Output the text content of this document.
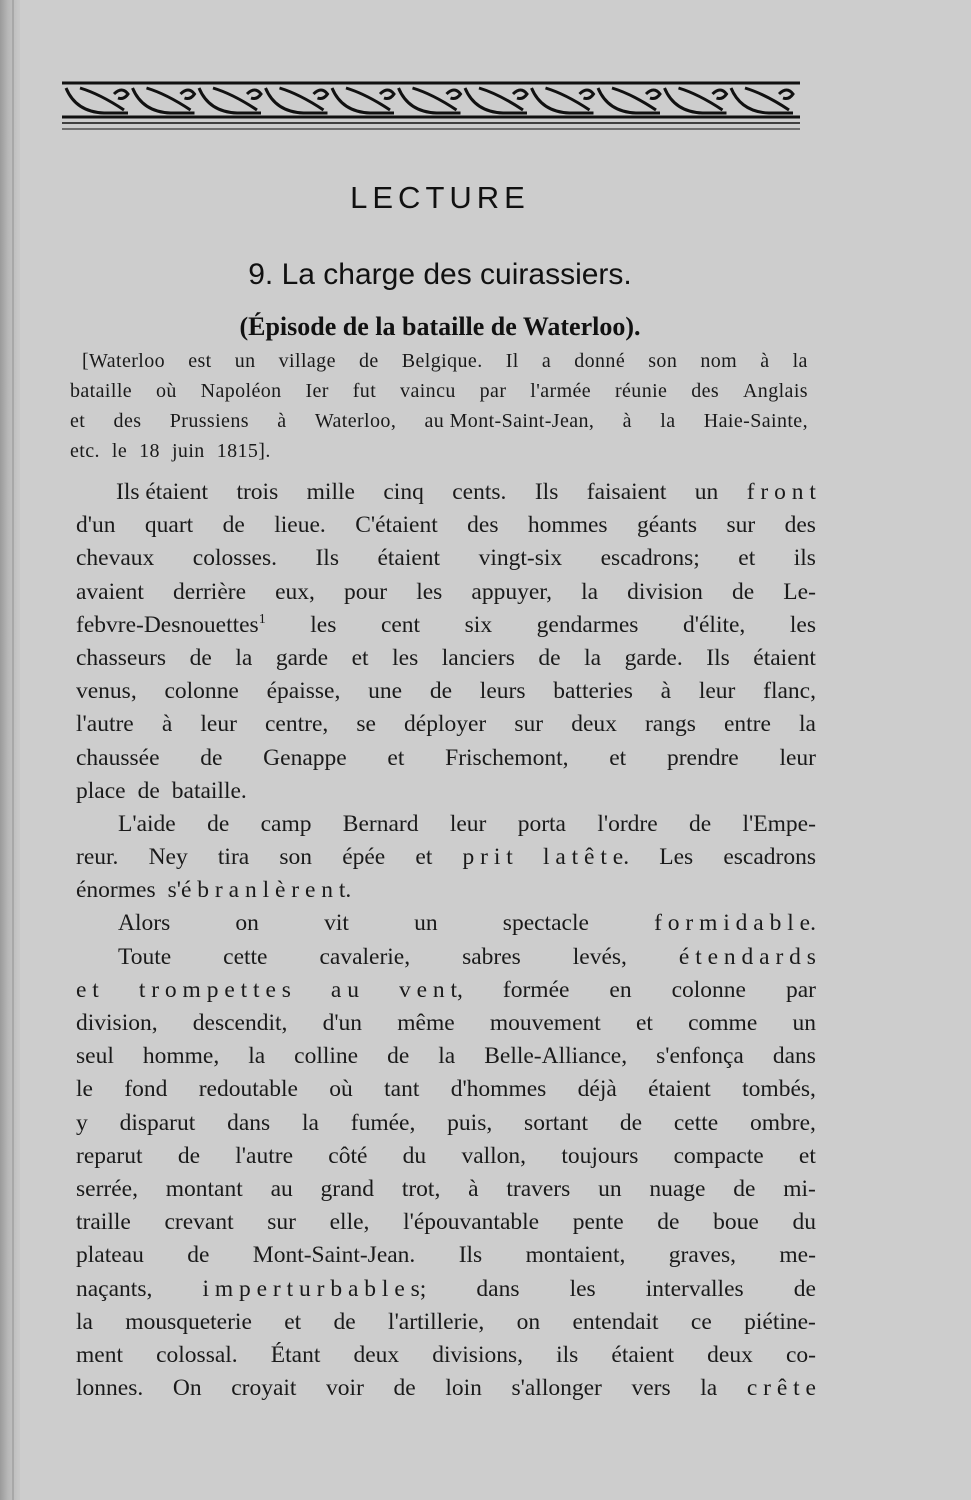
LECTURE
9. La charge des cuirassiers.
(Épisode de la bataille de Waterloo).
[Waterloo est un village de Belgique. Il a donné son nom à la
bataille où Napoléon Ier fut vaincu par l'armée réunie des Anglais
et des Prussiens à Waterloo, au Mont-Saint-Jean, à la Haie-Sainte,
etc. le 18 juin 1815].
Ils étaient trois mille cinq cents. Ils faisaient un f r o n t
d'un quart de lieue. C'étaient des hommes géants sur des
chevaux colosses. Ils étaient vingt-six escadrons; et ils
avaient derrière eux, pour les appuyer, la division de Le-
febvre-Desnouettes$^1$ les cent six gendarmes d'élite, les
chasseurs de la garde et les lanciers de la garde. Ils étaient
venus, colonne épaisse, une de leurs batteries à leur flanc,
l'autre à leur centre, se déployer sur deux rangs entre la
chaussée de Genappe et Frischemont, et prendre leur
place de bataille.
L'aide de camp Bernard leur porta l'ordre de l'Empe-
reur. Ney tira son épée et p r i t l a t ê t e. Les escadrons
énormes s'é b r a n l è r e n t.
Alors	on	vit	un	spectacle	f o r m i d a b l e.
Toute cette cavalerie, sabres levés, é t e n d a r d s
e t t r o m p e t t e s a u v e n t, formée en colonne par
division, descendit, d'un même mouvement et comme un
seul homme, la colline de la Belle-Alliance, s'enfonça dans
le fond redoutable où tant d'hommes déjà étaient tombés,
y disparut dans la fumée, puis, sortant de cette ombre,
reparut de l'autre côté du vallon, toujours compacte et
serrée, montant au grand trot, à travers un nuage de mi-
traille crevant sur elle, l'épouvantable pente de boue du
plateau de Mont-Saint-Jean. Ils montaient, graves, me-
naçants, i m p e r t u r b a b l e s; dans les intervalles de
la mousqueterie et de l'artillerie, on entendait ce piétine-
ment colossal. Étant deux divisions, ils étaient deux co-
lonnes. On croyait voir de loin s'allonger vers la c r ê t e
